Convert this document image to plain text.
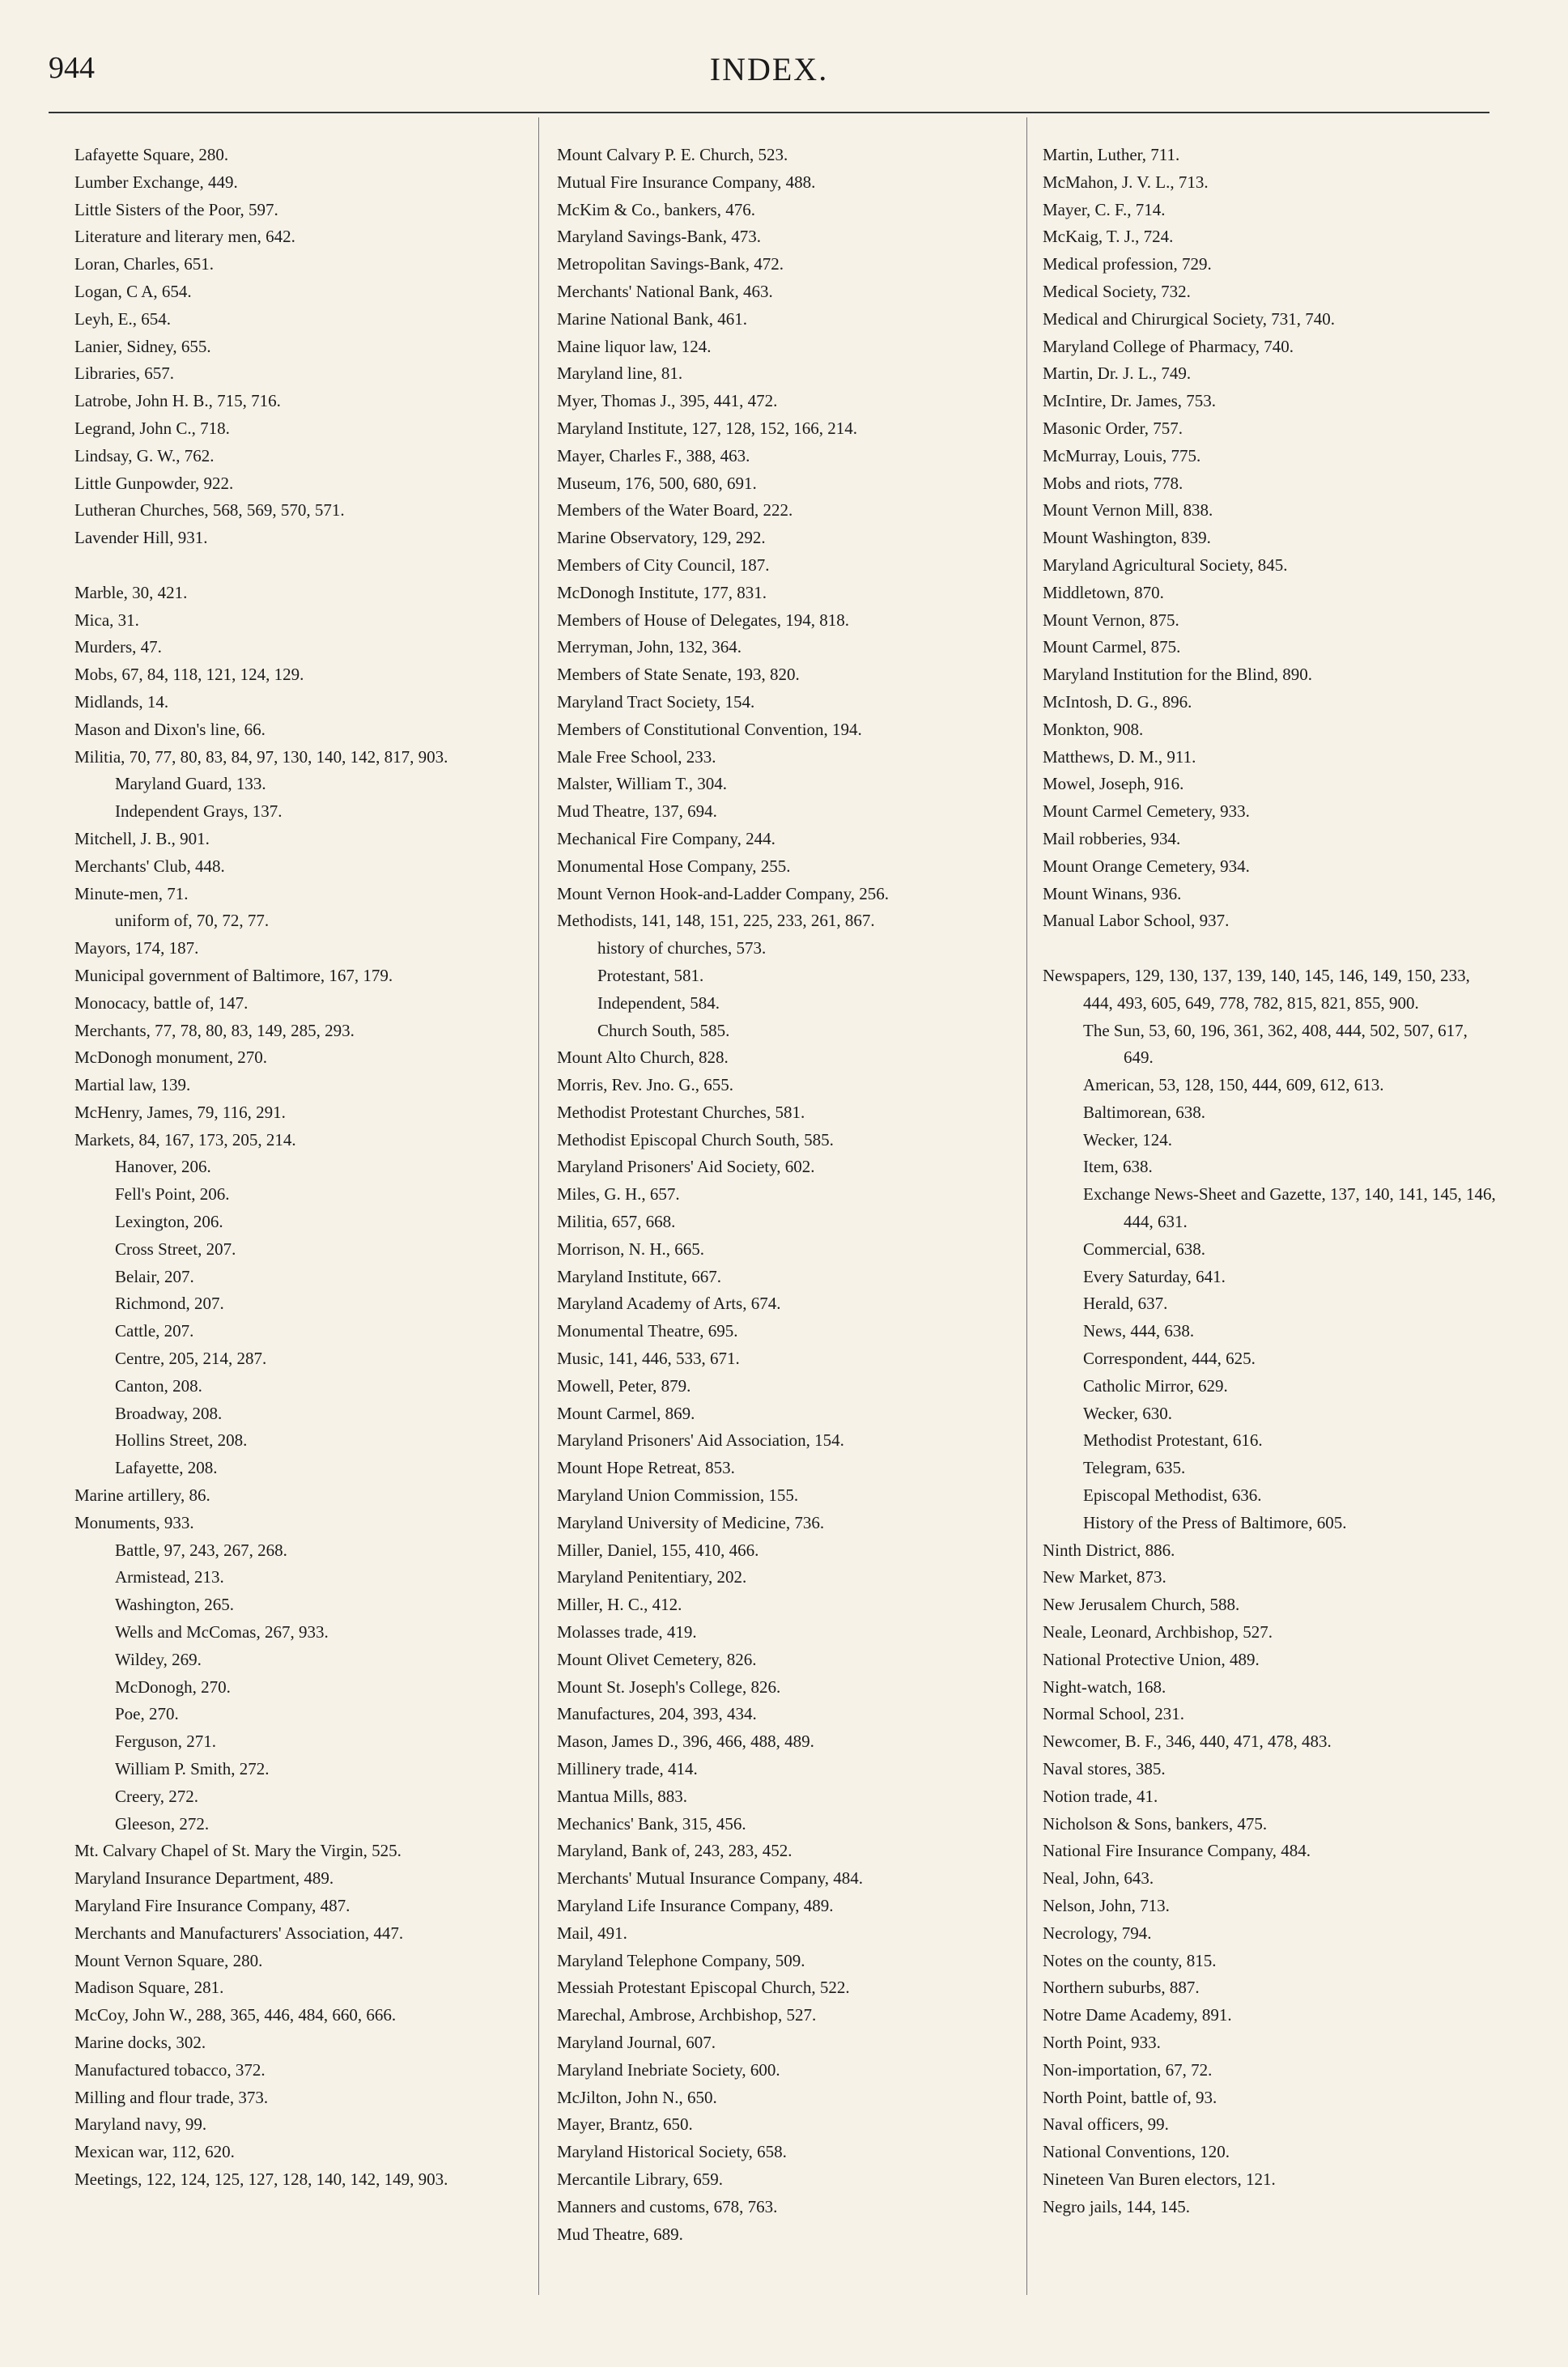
944	INDEX.
Lafayette Square, 280.
Lumber Exchange, 449.
Little Sisters of the Poor, 597.
Literature and literary men, 642.
Loran, Charles, 651.
Logan, C A, 654.
Leyh, E., 654.
Lanier, Sidney, 655.
Libraries, 657.
Latrobe, John H. B., 715, 716.
Legrand, John C., 718.
Lindsay, G. W., 762.
Little Gunpowder, 922.
Lutheran Churches, 568, 569, 570, 571.
Lavender Hill, 931.
Marble, 30, 421.
Mica, 31.
Murders, 47.
Mobs, 67, 84, 118, 121, 124, 129.
Midlands, 14.
Mason and Dixon's line, 66.
Militia, 70, 77, 80, 83, 84, 97, 130, 140, 142, 817, 903.
Maryland Guard, 133.
Independent Grays, 137.
Mitchell, J. B., 901.
Merchants' Club, 448.
Minute-men, 71.
uniform of, 70, 72, 77.
Mayors, 174, 187.
Municipal government of Baltimore, 167, 179.
Monocacy, battle of, 147.
Merchants, 77, 78, 80, 83, 149, 285, 293.
McDonogh monument, 270.
Martial law, 139.
McHenry, James, 79, 116, 291.
Markets, 84, 167, 173, 205, 214.
Hanover, 206.
Fell's Point, 206.
Lexington, 206.
Cross Street, 207.
Belair, 207.
Richmond, 207.
Cattle, 207.
Centre, 205, 214, 287.
Canton, 208.
Broadway, 208.
Hollins Street, 208.
Lafayette, 208.
Marine artillery, 86.
Monuments, 933.
Battle, 97, 243, 267, 268.
Armistead, 213.
Washington, 265.
Wells and McComas, 267, 933.
Wildey, 269.
McDonogh, 270.
Poe, 270.
Ferguson, 271.
William P. Smith, 272.
Creery, 272.
Gleeson, 272.
Mt. Calvary Chapel of St. Mary the Virgin, 525.
Maryland Insurance Department, 489.
Maryland Fire Insurance Company, 487.
Merchants and Manufacturers' Association, 447.
Mount Vernon Square, 280.
Madison Square, 281.
McCoy, John W., 288, 365, 446, 484, 660, 666.
Marine docks, 302.
Manufactured tobacco, 372.
Milling and flour trade, 373.
Maryland navy, 99.
Mexican war, 112, 620.
Meetings, 122, 124, 125, 127, 128, 140, 142, 149, 903.
Mount Calvary P. E. Church, 523.
Mutual Fire Insurance Company, 488.
McKim & Co., bankers, 476.
Maryland Savings-Bank, 473.
Metropolitan Savings-Bank, 472.
Merchants' National Bank, 463.
Marine National Bank, 461.
Maine liquor law, 124.
Maryland line, 81.
Myer, Thomas J., 395, 441, 472.
Maryland Institute, 127, 128, 152, 166, 214.
Mayer, Charles F., 388, 463.
Museum, 176, 500, 680, 691.
Members of the Water Board, 222.
Marine Observatory, 129, 292.
Members of City Council, 187.
McDonogh Institute, 177, 831.
Members of House of Delegates, 194, 818.
Merryman, John, 132, 364.
Members of State Senate, 193, 820.
Maryland Tract Society, 154.
Members of Constitutional Convention, 194.
Male Free School, 233.
Malster, William T., 304.
Mud Theatre, 137, 694.
Mechanical Fire Company, 244.
Monumental Hose Company, 255.
Mount Vernon Hook-and-Ladder Company, 256.
Methodists, 141, 148, 151, 225, 233, 261, 867.
history of churches, 573.
Protestant, 581.
Independent, 584.
Church South, 585.
Mount Alto Church, 828.
Morris, Rev. Jno. G., 655.
Methodist Protestant Churches, 581.
Methodist Episcopal Church South, 585.
Maryland Prisoners' Aid Society, 602.
Miles, G. H., 657.
Militia, 657, 668.
Morrison, N. H., 665.
Maryland Institute, 667.
Maryland Academy of Arts, 674.
Monumental Theatre, 695.
Music, 141, 446, 533, 671.
Mowell, Peter, 879.
Mount Carmel, 869.
Maryland Prisoners' Aid Association, 154.
Mount Hope Retreat, 853.
Maryland Union Commission, 155.
Maryland University of Medicine, 736.
Miller, Daniel, 155, 410, 466.
Maryland Penitentiary, 202.
Miller, H. C., 412.
Molasses trade, 419.
Mount Olivet Cemetery, 826.
Mount St. Joseph's College, 826.
Manufactures, 204, 393, 434.
Mason, James D., 396, 466, 488, 489.
Millinery trade, 414.
Mantua Mills, 883.
Mechanics' Bank, 315, 456.
Maryland, Bank of, 243, 283, 452.
Merchants' Mutual Insurance Company, 484.
Maryland Life Insurance Company, 489.
Mail, 491.
Maryland Telephone Company, 509.
Messiah Protestant Episcopal Church, 522.
Marechal, Ambrose, Archbishop, 527.
Maryland Journal, 607.
Maryland Inebriate Society, 600.
McJilton, John N., 650.
Mayer, Brantz, 650.
Maryland Historical Society, 658.
Mercantile Library, 659.
Manners and customs, 678, 763.
Mud Theatre, 689.
Martin, Luther, 711.
McMahon, J. V. L., 713.
Mayer, C. F., 714.
McKaig, T. J., 724.
Medical profession, 729.
Medical Society, 732.
Medical and Chirurgical Society, 731, 740.
Maryland College of Pharmacy, 740.
Martin, Dr. J. L., 749.
McIntire, Dr. James, 753.
Masonic Order, 757.
McMurray, Louis, 775.
Mobs and riots, 778.
Mount Vernon Mill, 838.
Mount Washington, 839.
Maryland Agricultural Society, 845.
Middletown, 870.
Mount Vernon, 875.
Mount Carmel, 875.
Maryland Institution for the Blind, 890.
McIntosh, D. G., 896.
Monkton, 908.
Matthews, D. M., 911.
Mowel, Joseph, 916.
Mount Carmel Cemetery, 933.
Mail robberies, 934.
Mount Orange Cemetery, 934.
Mount Winans, 936.
Manual Labor School, 937.
Newspapers, 129, 130, 137, 139, 140, 145, 146, 149, 150, 233, 444, 493, 605, 649, 778, 782, 815, 821, 855, 900.
The Sun, 53, 60, 196, 361, 362, 408, 444, 502, 507, 617, 649.
American, 53, 128, 150, 444, 609, 612, 613.
Baltimorean, 638.
Wecker, 124.
Item, 638.
Exchange News-Sheet and Gazette, 137, 140, 141, 145, 146, 444, 631.
Commercial, 638.
Every Saturday, 641.
Herald, 637.
News, 444, 638.
Correspondent, 444, 625.
Catholic Mirror, 629.
Wecker, 630.
Methodist Protestant, 616.
Telegram, 635.
Episcopal Methodist, 636.
History of the Press of Baltimore, 605.
Ninth District, 886.
New Market, 873.
New Jerusalem Church, 588.
Neale, Leonard, Archbishop, 527.
National Protective Union, 489.
Night-watch, 168.
Normal School, 231.
Newcomer, B. F., 346, 440, 471, 478, 483.
Naval stores, 385.
Notion trade, 41.
Nicholson & Sons, bankers, 475.
National Fire Insurance Company, 484.
Neal, John, 643.
Nelson, John, 713.
Necrology, 794.
Notes on the county, 815.
Northern suburbs, 887.
Notre Dame Academy, 891.
North Point, 933.
Non-importation, 67, 72.
North Point, battle of, 93.
Naval officers, 99.
National Conventions, 120.
Nineteen Van Buren electors, 121.
Negro jails, 144, 145.
